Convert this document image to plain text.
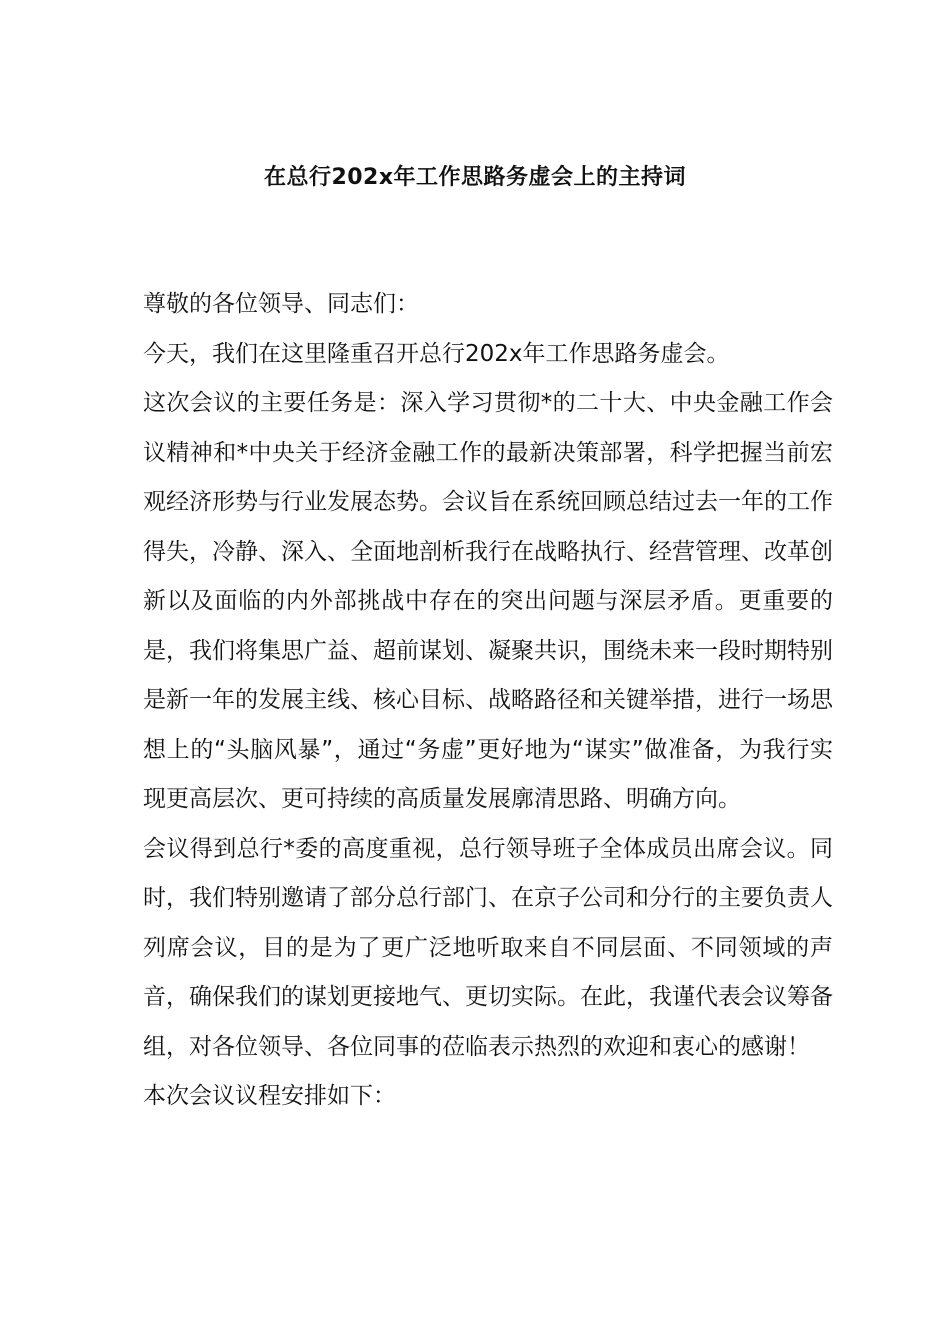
在总行202x年工作思路务虚会上的主持词

尊敬的各位领导、同志们：

今天，我们在这里隆重召开总行202x年工作思路务虚会。

这次会议的主要任务是：深入学习贯彻*的二十大、中央金融工作会议精神和*中央关于经济金融工作的最新决策部署，科学把握当前宏观经济形势与行业发展态势。会议旨在系统回顾总结过去一年的工作得失，冷静、深入、全面地剖析我行在战略执行、经营管理、改革创新以及面临的内外部挑战中存在的突出问题与深层矛盾。更重要的是，我们将集思广益、超前谋划、凝聚共识，围绕未来一段时期特别是新一年的发展主线、核心目标、战略路径和关键举措，进行一场思想上的“头脑风暴”，通过“务虚”更好地为“谋实”做准备，为我行实现更高层次、更可持续的高质量发展廓清思路、明确方向。

会议得到总行*委的高度重视，总行领导班子全体成员出席会议。同时，我们特别邀请了部分总行部门、在京子公司和分行的主要负责人列席会议，目的是为了更广泛地听取来自不同层面、不同领域的声音，确保我们的谋划更接地气、更切实际。在此，我谨代表会议筹备组，对各位领导、各位同事的莅临表示热烈的欢迎和衷心的感谢！

本次会议议程安排如下：
